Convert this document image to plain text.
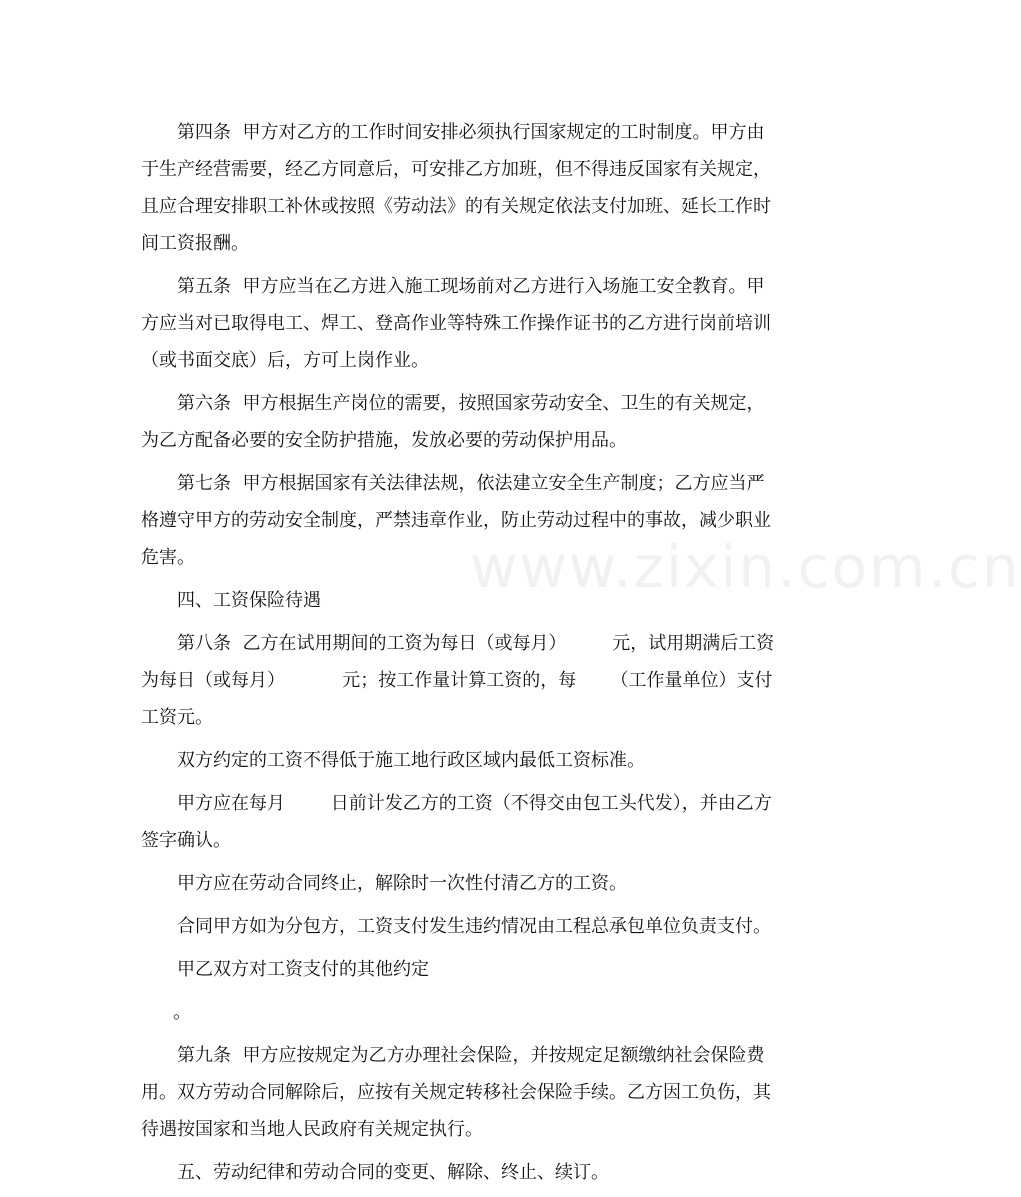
www.zixin.com.cn

第四条  甲方对乙方的工作时间安排必须执行国家规定的工时制度。甲方由于生产经营需要，经乙方同意后，可安排乙方加班，但不得违反国家有关规定，且应合理安排职工补休或按照《劳动法》的有关规定依法支付加班、延长工作时间工资报酬。

第五条  甲方应当在乙方进入施工现场前对乙方进行入场施工安全教育。甲方应当对已取得电工、焊工、登高作业等特殊工作操作证书的乙方进行岗前培训（或书面交底）后，方可上岗作业。

第六条  甲方根据生产岗位的需要，按照国家劳动安全、卫生的有关规定，为乙方配备必要的安全防护措施，发放必要的劳动保护用品。

第七条  甲方根据国家有关法律法规，依法建立安全生产制度；乙方应当严格遵守甲方的劳动安全制度，严禁违章作业，防止劳动过程中的事故，减少职业危害。

四、工资保险待遇

第八条  乙方在试用期间的工资为每日（或每月）        元，试用期满后工资为每日（或每月）          元；按工作量计算工资的，每      （工作量单位）支付工资元。

双方约定的工资不得低于施工地行政区域内最低工资标准。

甲方应在每月        日前计发乙方的工资（不得交由包工头代发），并由乙方签字确认。

甲方应在劳动合同终止，解除时一次性付清乙方的工资。

合同甲方如为分包方，工资支付发生违约情况由工程总承包单位负责支付。

甲乙双方对工资支付的其他约定

。

第九条  甲方应按规定为乙方办理社会保险，并按规定足额缴纳社会保险费用。双方劳动合同解除后，应按有关规定转移社会保险手续。乙方因工负伤，其待遇按国家和当地人民政府有关规定执行。

五、劳动纪律和劳动合同的变更、解除、终止、续订。
